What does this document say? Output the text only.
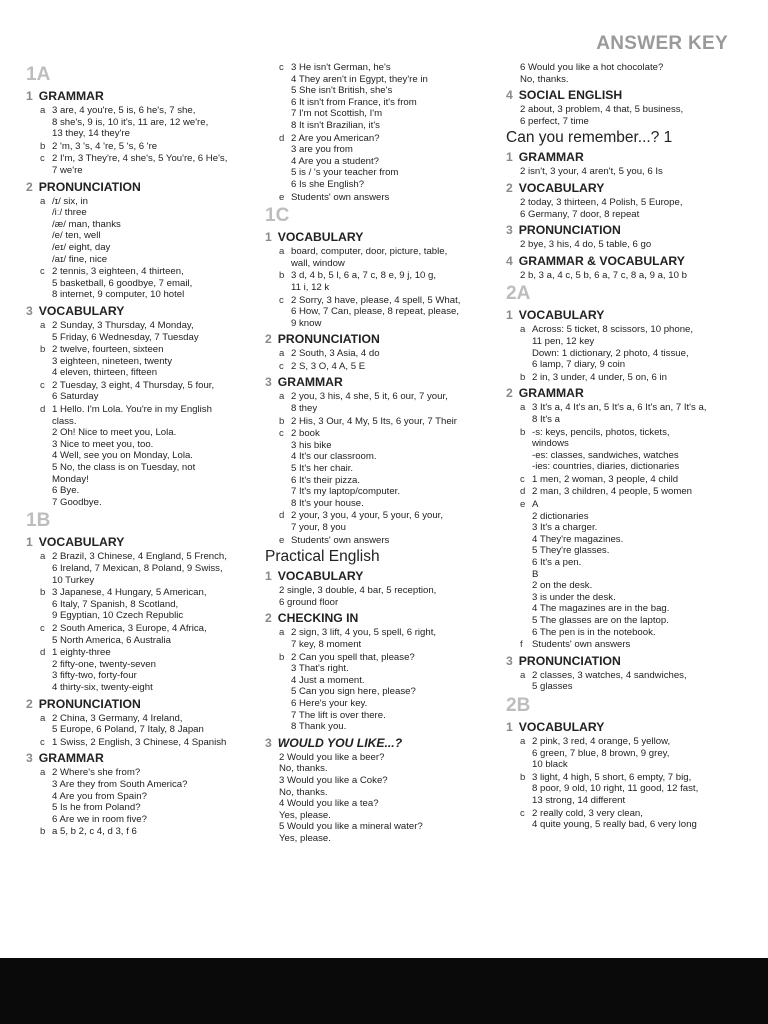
ANSWER KEY
1A
1 GRAMMAR
a 3 are, 4 you're, 5 is, 6 he's, 7 she,
8 she's, 9 is, 10 it's, 11 are, 12 we're,
13 they, 14 they're
b 2 'm, 3 's, 4 're, 5 's, 6 're
c 2 I'm, 3 They're, 4 she's, 5 You're, 6 He's,
7 we're
2 PRONUNCIATION
a /ɪ/ six, in
/iː/ three
/æ/ man, thanks
/e/ ten, well
/eɪ/ eight, day
/aɪ/ fine, nice
c 2 tennis, 3 eighteen, 4 thirteen,
5 basketball, 6 goodbye, 7 email,
8 internet, 9 computer, 10 hotel
3 VOCABULARY
a 2 Sunday, 3 Thursday, 4 Monday,
5 Friday, 6 Wednesday, 7 Tuesday
b 2 twelve, fourteen, sixteen
3 eighteen, nineteen, twenty
4 eleven, thirteen, fifteen
c 2 Tuesday, 3 eight, 4 Thursday, 5 four,
6 Saturday
d 1 Hello. I'm Lola. You're in my English
class.
2 Oh! Nice to meet you, Lola.
3 Nice to meet you, too.
4 Well, see you on Monday, Lola.
5 No, the class is on Tuesday, not
Monday!
6 Bye.
7 Goodbye.
1B
1 VOCABULARY
a 2 Brazil, 3 Chinese, 4 England, 5 French,
6 Ireland, 7 Mexican, 8 Poland, 9 Swiss,
10 Turkey
b 3 Japanese, 4 Hungary, 5 American,
6 Italy, 7 Spanish, 8 Scotland,
9 Egyptian, 10 Czech Republic
c 2 South America, 3 Europe, 4 Africa,
5 North America, 6 Australia
d 1 eighty-three
2 fifty-one, twenty-seven
3 fifty-two, forty-four
4 thirty-six, twenty-eight
2 PRONUNCIATION
a 2 China, 3 Germany, 4 Ireland,
5 Europe, 6 Poland, 7 Italy, 8 Japan
c 1 Swiss, 2 English, 3 Chinese, 4 Spanish
3 GRAMMAR
a 2 Where's she from?
3 Are they from South America?
4 Are you from Spain?
5 Is he from Poland?
6 Are we in room five?
b a 5, b 2, c 4, d 3, f 6
c 3 He isn't German, he's
4 They aren't in Egypt, they're in
5 She isn't British, she's
6 It isn't from France, it's from
7 I'm not Scottish, I'm
8 It isn't Brazilian, it's
d 2 Are you American?
3 are you from
4 Are you a student?
5 is / 's your teacher from
6 Is she English?
e Students' own answers
1C
1 VOCABULARY
a board, computer, door, picture, table,
wall, window
b 3 d, 4 b, 5 l, 6 a, 7 c, 8 e, 9 j, 10 g,
11 i, 12 k
c 2 Sorry, 3 have, please, 4 spell, 5 What,
6 How, 7 Can, please, 8 repeat, please,
9 know
2 PRONUNCIATION
a 2 South, 3 Asia, 4 do
c 2 S, 3 O, 4 A, 5 E
3 GRAMMAR
a 2 you, 3 his, 4 she, 5 it, 6 our, 7 your,
8 they
b 2 His, 3 Our, 4 My, 5 Its, 6 your, 7 Their
c 2 book
3 his bike
4 It's our classroom.
5 It's her chair.
6 It's their pizza.
7 It's my laptop/computer.
8 It's your house.
d 2 your, 3 you, 4 your, 5 your, 6 your,
7 your, 8 you
e Students' own answers
Practical English
1 VOCABULARY
2 single, 3 double, 4 bar, 5 reception,
6 ground floor
2 CHECKING IN
a 2 sign, 3 lift, 4 you, 5 spell, 6 right,
7 key, 8 moment
b 2 Can you spell that, please?
3 That's right.
4 Just a moment.
5 Can you sign here, please?
6 Here's your key.
7 The lift is over there.
8 Thank you.
3 WOULD YOU LIKE...?
2 Would you like a beer?
No, thanks.
3 Would you like a Coke?
No, thanks.
4 Would you like a tea?
Yes, please.
5 Would you like a mineral water?
Yes, please.
6 Would you like a hot chocolate?
No, thanks.
4 SOCIAL ENGLISH
2 about, 3 problem, 4 that, 5 business,
6 perfect, 7 time
Can you remember...? 1
1 GRAMMAR
2 isn't, 3 your, 4 aren't, 5 you, 6 Is
2 VOCABULARY
2 today, 3 thirteen, 4 Polish, 5 Europe,
6 Germany, 7 door, 8 repeat
3 PRONUNCIATION
2 bye, 3 his, 4 do, 5 table, 6 go
4 GRAMMAR & VOCABULARY
2 b, 3 a, 4 c, 5 b, 6 a, 7 c, 8 a, 9 a, 10 b
2A
1 VOCABULARY
a Across: 5 ticket, 8 scissors, 10 phone,
11 pen, 12 key
Down: 1 dictionary, 2 photo, 4 tissue,
6 lamp, 7 diary, 9 coin
b 2 in, 3 under, 4 under, 5 on, 6 in
2 GRAMMAR
a 3 It's a, 4 It's an, 5 It's a, 6 It's an, 7 It's a,
8 It's a
b -s: keys, pencils, photos, tickets,
windows
-es: classes, sandwiches, watches
-ies: countries, diaries, dictionaries
c 1 men, 2 woman, 3 people, 4 child
d 2 man, 3 children, 4 people, 5 women
e A
2 dictionaries
3 It's a charger.
4 They're magazines.
5 They're glasses.
6 It's a pen.
B
2 on the desk.
3 is under the desk.
4 The magazines are in the bag.
5 The glasses are on the laptop.
6 The pen is in the notebook.
f Students' own answers
3 PRONUNCIATION
a 2 classes, 3 watches, 4 sandwiches,
5 glasses
2B
1 VOCABULARY
a 2 pink, 3 red, 4 orange, 5 yellow,
6 green, 7 blue, 8 brown, 9 grey,
10 black
b 3 light, 4 high, 5 short, 6 empty, 7 big,
8 poor, 9 old, 10 right, 11 good, 12 fast,
13 strong, 14 different
c 2 really cold, 3 very clean,
4 quite young, 5 really bad, 6 very long
